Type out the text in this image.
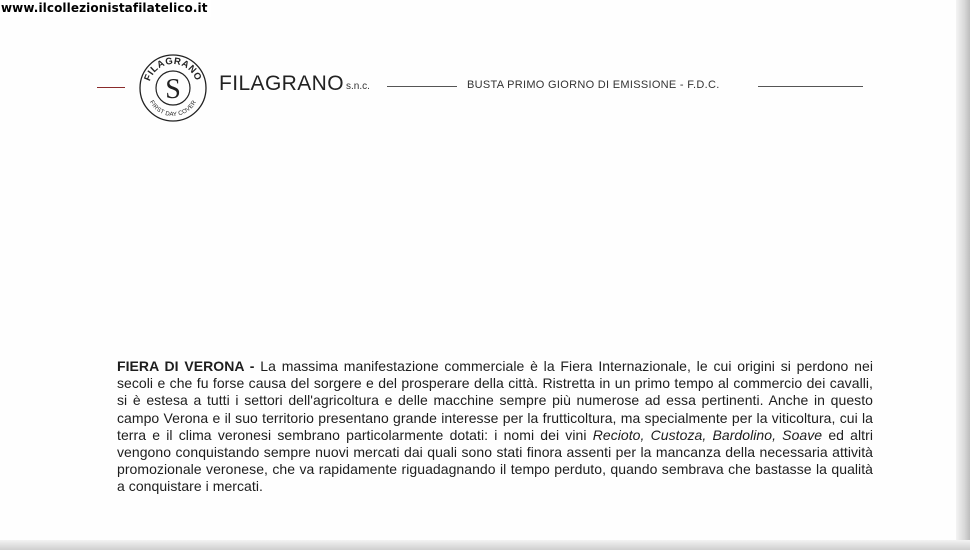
www.ilcollezionistafilatelico.it
FILAGRANO
FIRST DAY COVER
S FILAGRANO s.n.c.	BUSTA PRIMO GIORNO DI EMISSIONE - F.D.C.
FIERA DI VERONA - La massima manifestazione commerciale è la Fiera Internazionale, le cui origini si perdono nei secoli e che fu forse causa del sorgere e del prosperare della città. Ristretta in un primo tempo al commercio dei cavalli, si è estesa a tutti i settori dell'agricoltura e delle macchine sempre più numerose ad essa pertinenti. Anche in questo campo Verona e il suo territorio presentano grande interesse per la frutticoltura, ma specialmente per la viticoltura, cui la terra e il clima veronesi sembrano particolarmente dotati: i nomi dei vini Recioto, Custoza, Bardolino, Soave ed altri vengono conquistando sempre nuovi mercati dai quali sono stati finora assenti per la mancanza della necessaria attività promozionale veronese, che va rapidamente riguadagnando il tempo perduto, quando sembrava che bastasse la qualità a conquistare i mercati.
